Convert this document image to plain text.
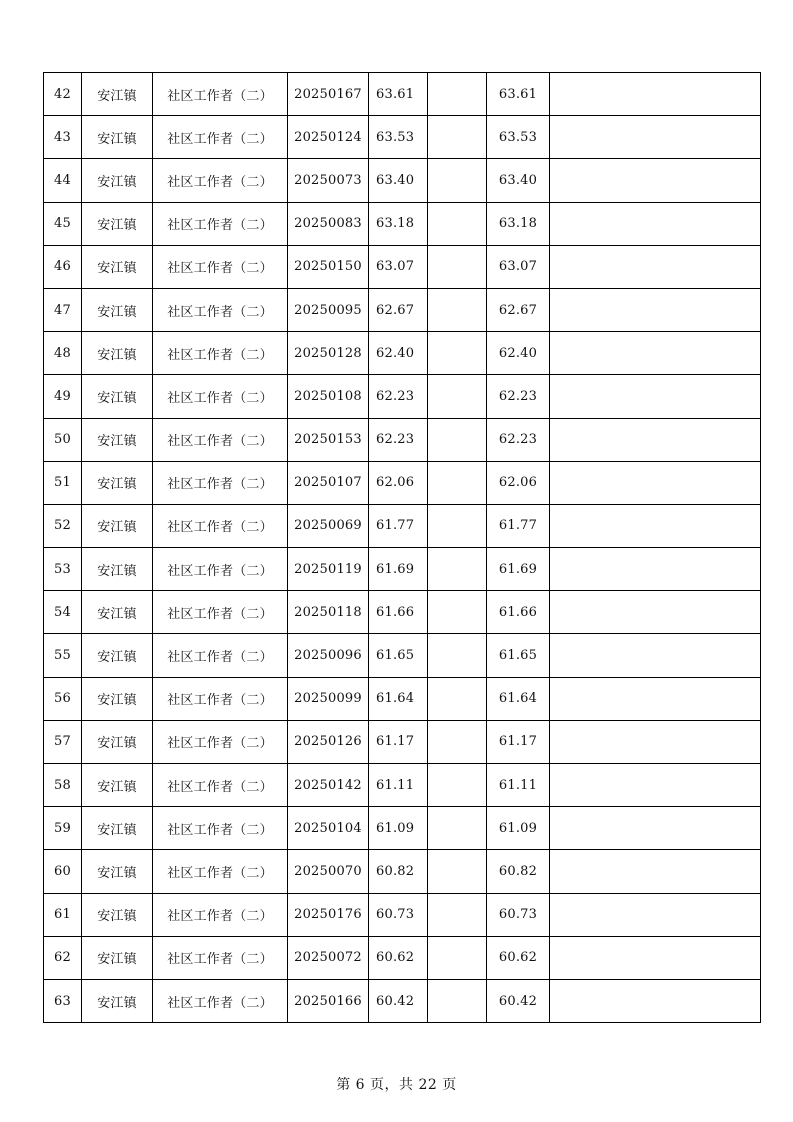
42	安江镇	社区工作者（二）	20250167	63.61		63.61	
43	安江镇	社区工作者（二）	20250124	63.53		63.53	
44	安江镇	社区工作者（二）	20250073	63.40		63.40	
45	安江镇	社区工作者（二）	20250083	63.18		63.18	
46	安江镇	社区工作者（二）	20250150	63.07		63.07	
47	安江镇	社区工作者（二）	20250095	62.67		62.67	
48	安江镇	社区工作者（二）	20250128	62.40		62.40	
49	安江镇	社区工作者（二）	20250108	62.23		62.23	
50	安江镇	社区工作者（二）	20250153	62.23		62.23	
51	安江镇	社区工作者（二）	20250107	62.06		62.06	
52	安江镇	社区工作者（二）	20250069	61.77		61.77	
53	安江镇	社区工作者（二）	20250119	61.69		61.69	
54	安江镇	社区工作者（二）	20250118	61.66		61.66	
55	安江镇	社区工作者（二）	20250096	61.65		61.65	
56	安江镇	社区工作者（二）	20250099	61.64		61.64	
57	安江镇	社区工作者（二）	20250126	61.17		61.17	
58	安江镇	社区工作者（二）	20250142	61.11		61.11	
59	安江镇	社区工作者（二）	20250104	61.09		61.09	
60	安江镇	社区工作者（二）	20250070	60.82		60.82	
61	安江镇	社区工作者（二）	20250176	60.73		60.73	
62	安江镇	社区工作者（二）	20250072	60.62		60.62	
63	安江镇	社区工作者（二）	20250166	60.42		60.42	
第 6 页，共 22 页
